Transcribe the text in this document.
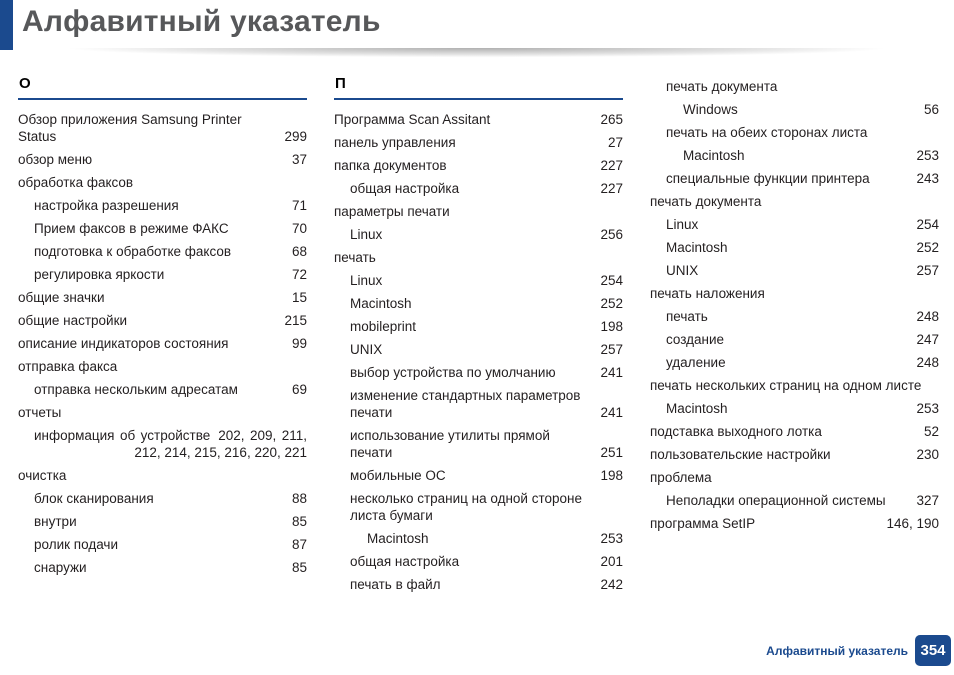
Алфавитный указатель
О
Обзор приложения Samsung Printer Status	299
обзор меню	37
обработка факсов
настройка разрешения	71
Прием факсов в режиме ФАКС	70
подготовка к обработке факсов	68
регулировка яркости	72
общие значки	15
общие настройки	215
описание индикаторов состояния	99
отправка факса
отправка нескольким адресатам	69
отчеты
информация об устройстве 202, 209, 211, 212, 214, 215, 216, 220, 221
очистка
блок сканирования	88
внутри	85
ролик подачи	87
снаружи	85
П
Программа Scan Assitant	265
панель управления	27
папка документов	227
общая настройка	227
параметры печати
Linux	256
печать
Linux	254
Macintosh	252
mobileprint	198
UNIX	257
выбор устройства по умолчанию	241
изменение стандартных параметров печати	241
использование утилиты прямой печати	251
мобильные ОС	198
несколько страниц на одной стороне листа бумаги
Macintosh	253
общая настройка	201
печать в файл	242
печать документа
Windows	56
печать на обеих сторонах листа
Macintosh	253
специальные функции принтера	243
печать документа
Linux	254
Macintosh	252
UNIX	257
печать наложения
печать	248
создание	247
удаление	248
печать нескольких страниц на одном листе
Macintosh	253
подставка выходного лотка	52
пользовательские настройки	230
проблема
Неполадки операционной системы	327
программа SetIP	146, 190
Алфавитный указатель 354
